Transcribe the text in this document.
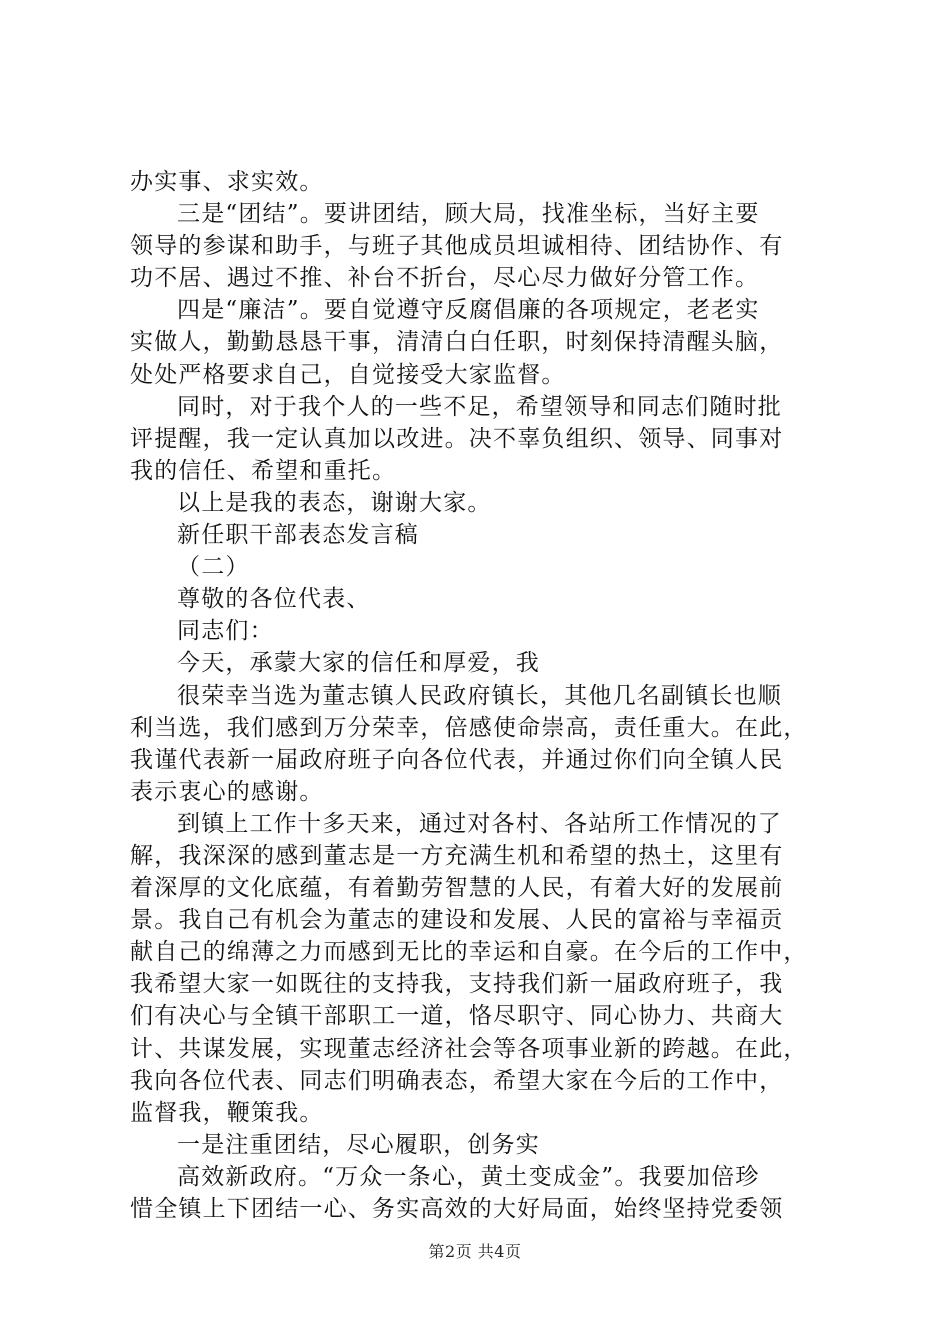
办实事、求实效。
三是“团结”。要讲团结，顾大局，找准坐标，当好主要
领导的参谋和助手，与班子其他成员坦诚相待、团结协作、有
功不居、遇过不推、补台不折台，尽心尽力做好分管工作。
四是“廉洁”。要自觉遵守反腐倡廉的各项规定，老老实
实做人，勤勤恳恳干事，清清白白任职，时刻保持清醒头脑，
处处严格要求自己，自觉接受大家监督。
同时，对于我个人的一些不足，希望领导和同志们随时批
评提醒，我一定认真加以改进。决不辜负组织、领导、同事对
我的信任、希望和重托。
以上是我的表态，谢谢大家。
新任职干部表态发言稿
（二）
尊敬的各位代表、
同志们：
今天，承蒙大家的信任和厚爱，我
很荣幸当选为董志镇人民政府镇长，其他几名副镇长也顺
利当选，我们感到万分荣幸，倍感使命崇高，责任重大。在此，
我谨代表新一届政府班子向各位代表，并通过你们向全镇人民
表示衷心的感谢。
到镇上工作十多天来，通过对各村、各站所工作情况的了
解，我深深的感到董志是一方充满生机和希望的热土，这里有
着深厚的文化底蕴，有着勤劳智慧的人民，有着大好的发展前
景。我自己有机会为董志的建设和发展、人民的富裕与幸福贡
献自己的绵薄之力而感到无比的幸运和自豪。在今后的工作中，
我希望大家一如既往的支持我，支持我们新一届政府班子，我
们有决心与全镇干部职工一道，恪尽职守、同心协力、共商大
计、共谋发展，实现董志经济社会等各项事业新的跨越。在此，
我向各位代表、同志们明确表态，希望大家在今后的工作中，
监督我，鞭策我。
一是注重团结，尽心履职，创务实
高效新政府。“万众一条心，黄土变成金”。我要加倍珍
惜全镇上下团结一心、务实高效的大好局面，始终坚持党委领
第2页 共4页
